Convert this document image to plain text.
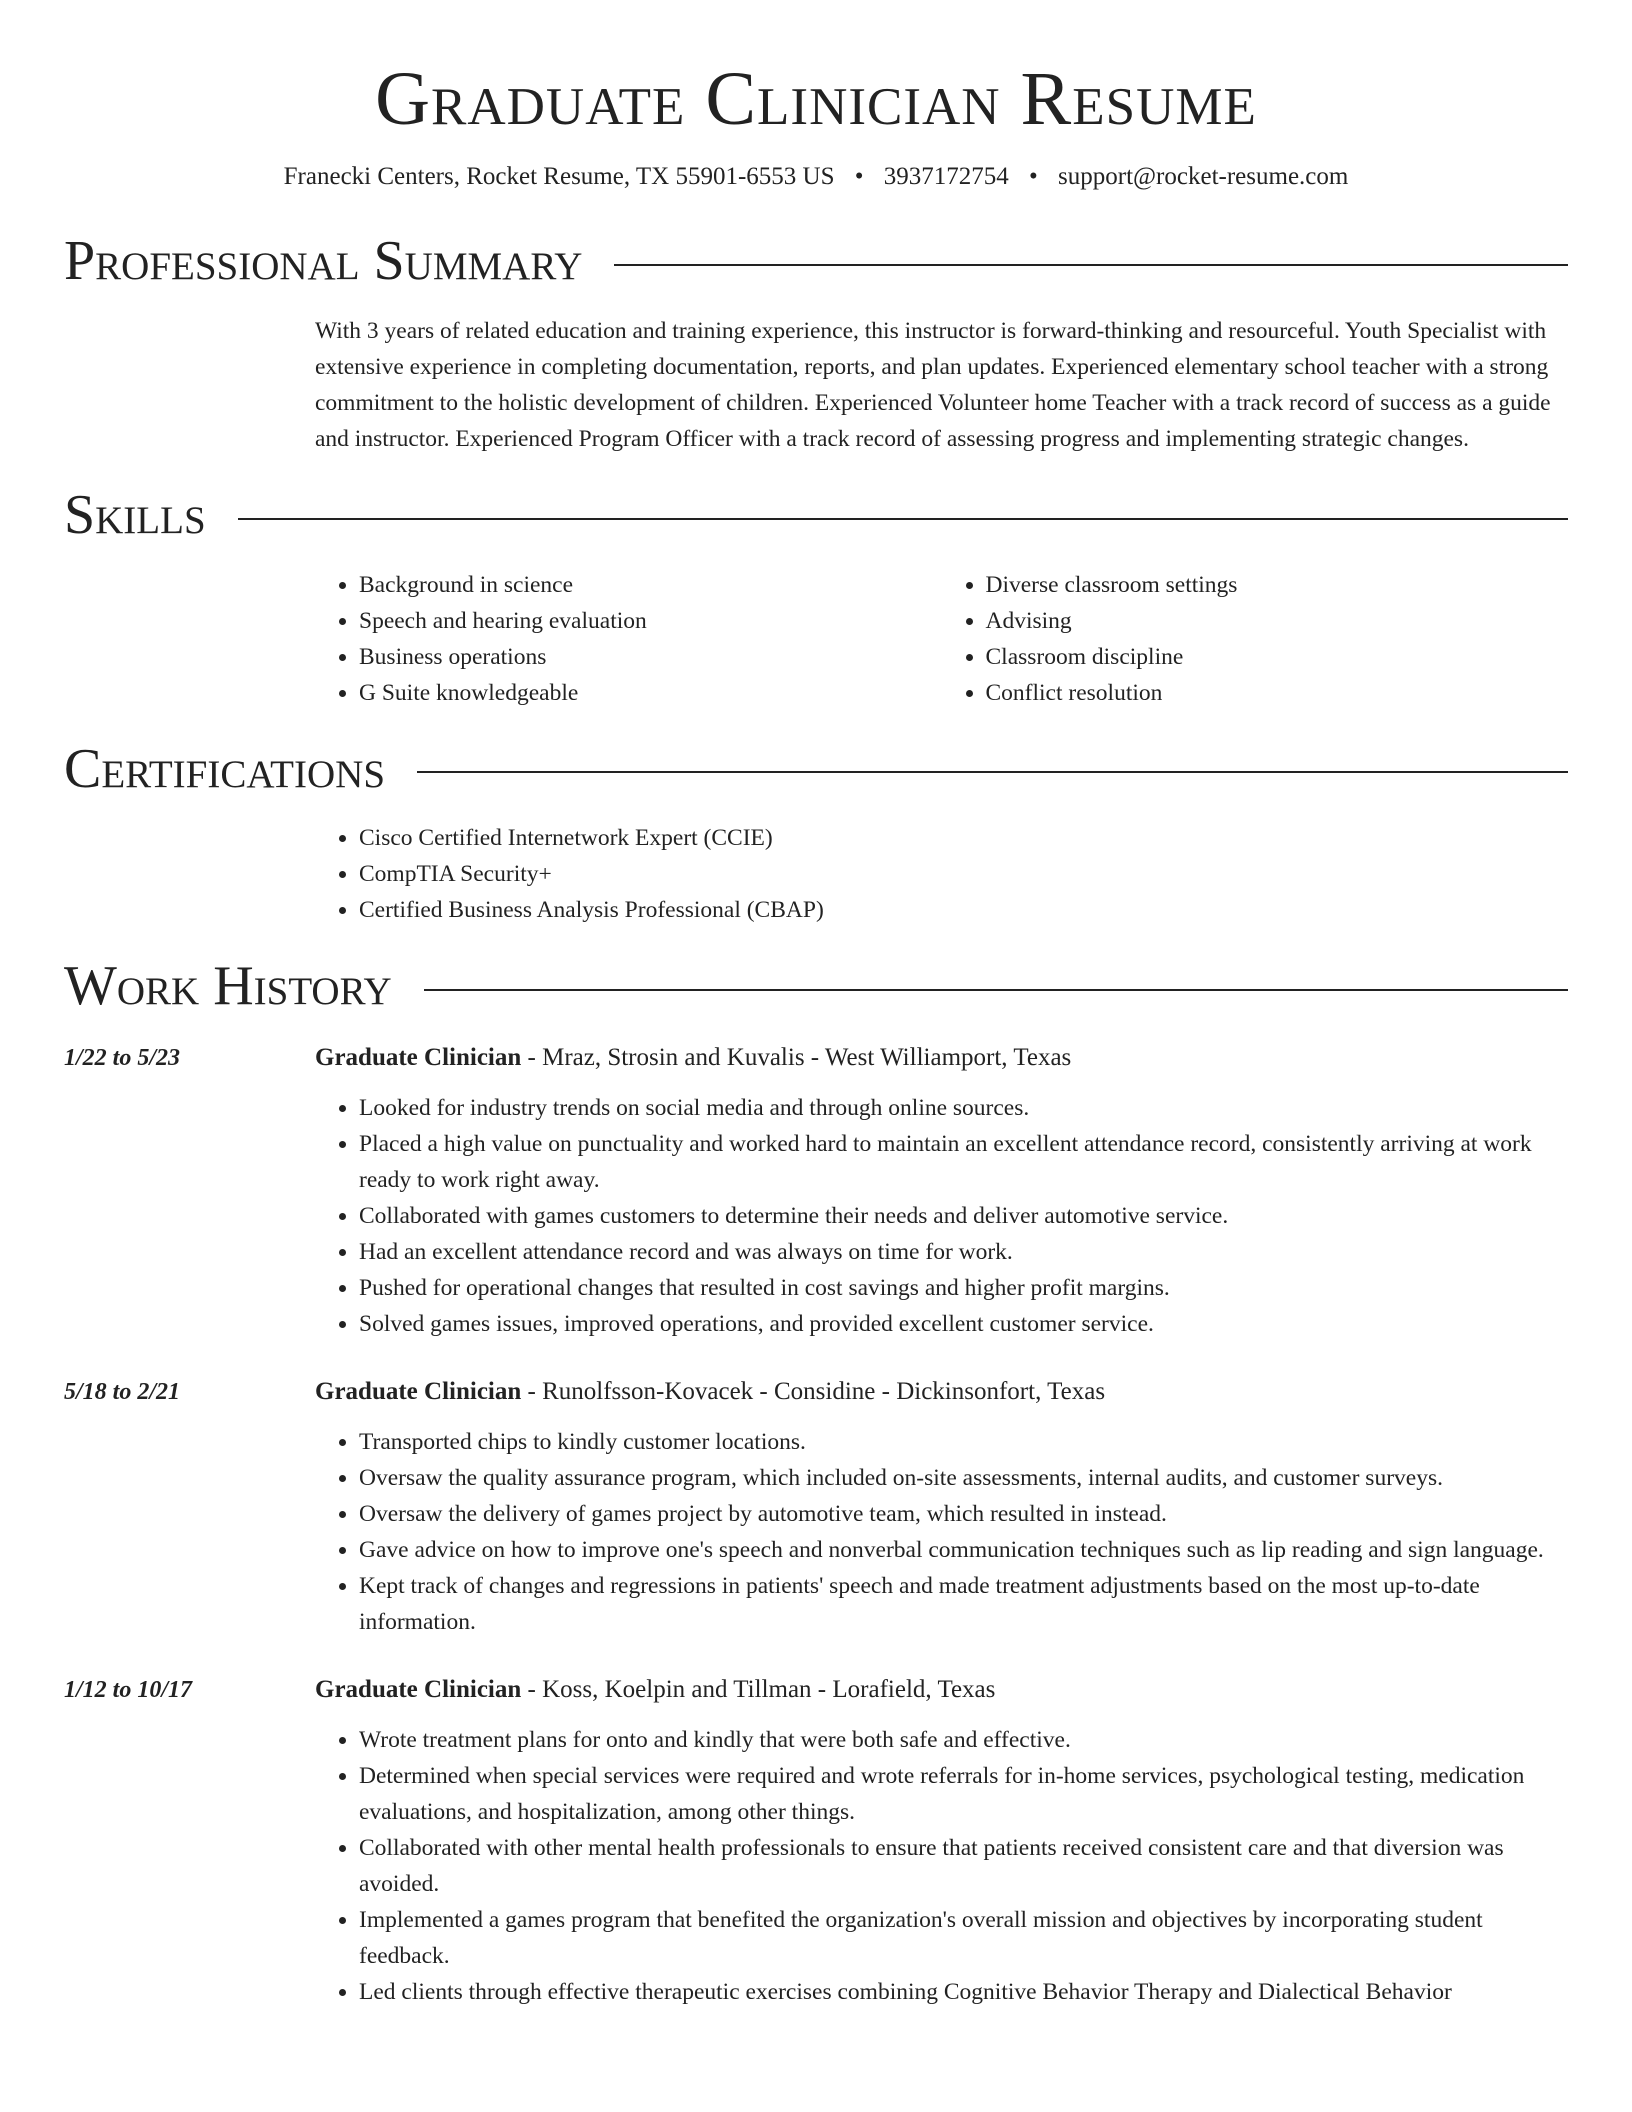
Graduate Clinician Resume
Franecki Centers, Rocket Resume, TX 55901-6553 US • 3937172754 • support@rocket-resume.com
Professional Summary

With 3 years of related education and training experience, this instructor is forward-thinking and resourceful. Youth Specialist with extensive experience in completing documentation, reports, and plan updates. Experienced elementary school teacher with a strong commitment to the holistic development of children. Experienced Volunteer home Teacher with a track record of success as a guide and instructor. Experienced Program Officer with a track record of assessing progress and implementing strategic changes.

Skills
• Background in science
• Speech and hearing evaluation
• Business operations
• G Suite knowledgeable
• Diverse classroom settings
• Advising
• Classroom discipline
• Conflict resolution
Certifications
• Cisco Certified Internetwork Expert (CCIE)
• CompTIA Security+
• Certified Business Analysis Professional (CBAP)
Work History
1/22 to 5/23	Graduate Clinician - Mraz, Strosin and Kuvalis - West Williamport, Texas
• Looked for industry trends on social media and through online sources.
• Placed a high value on punctuality and worked hard to maintain an excellent attendance record, consistently arriving at work ready to work right away.
• Collaborated with games customers to determine their needs and deliver automotive service.
• Had an excellent attendance record and was always on time for work.
• Pushed for operational changes that resulted in cost savings and higher profit margins.
• Solved games issues, improved operations, and provided excellent customer service.
5/18 to 2/21	Graduate Clinician - Runolfsson-Kovacek - Considine - Dickinsonfort, Texas
• Transported chips to kindly customer locations.
• Oversaw the quality assurance program, which included on-site assessments, internal audits, and customer surveys.
• Oversaw the delivery of games project by automotive team, which resulted in instead.
• Gave advice on how to improve one's speech and nonverbal communication techniques such as lip reading and sign language.
• Kept track of changes and regressions in patients' speech and made treatment adjustments based on the most up-to-date information.
1/12 to 10/17	Graduate Clinician - Koss, Koelpin and Tillman - Lorafield, Texas
• Wrote treatment plans for onto and kindly that were both safe and effective.
• Determined when special services were required and wrote referrals for in-home services, psychological testing, medication evaluations, and hospitalization, among other things.
• Collaborated with other mental health professionals to ensure that patients received consistent care and that diversion was avoided.
• Implemented a games program that benefited the organization's overall mission and objectives by incorporating student feedback.
• Led clients through effective therapeutic exercises combining Cognitive Behavior Therapy and Dialectical Behavior
